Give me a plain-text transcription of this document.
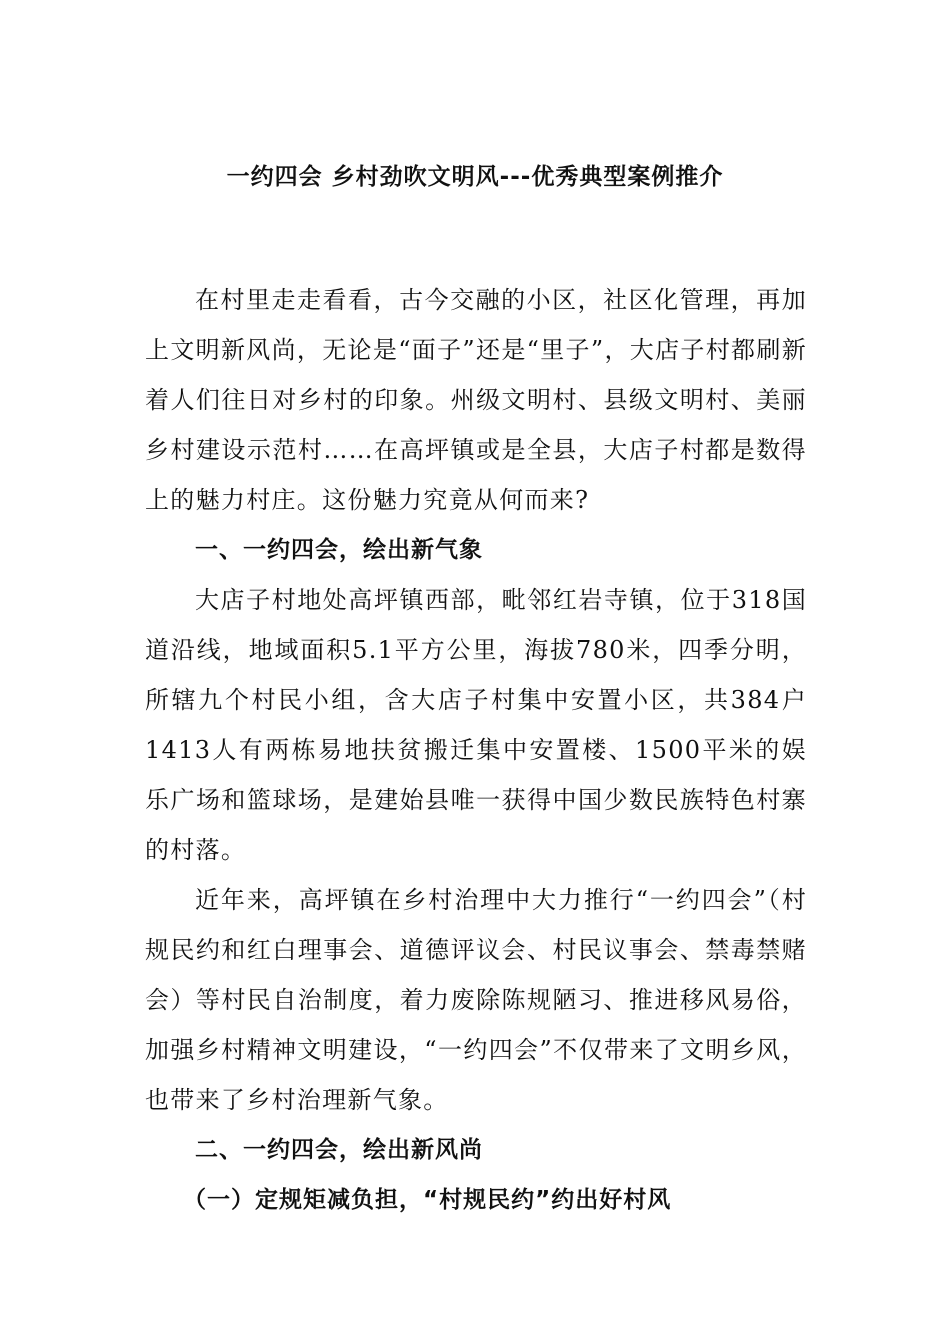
一约四会 乡村劲吹文明风---优秀典型案例推介

在村里走走看看，古今交融的小区，社区化管理，再加上文明新风尚，无论是“面子”还是“里子”，大店子村都刷新着人们往日对乡村的印象。州级文明村、县级文明村、美丽乡村建设示范村……在高坪镇或是全县，大店子村都是数得上的魅力村庄。这份魅力究竟从何而来?

一、一约四会，绘出新气象

大店子村地处高坪镇西部，毗邻红岩寺镇，位于318国道沿线，地域面积5.1平方公里，海拔780米，四季分明，所辖九个村民小组，含大店子村集中安置小区，共384户1413人有两栋易地扶贫搬迁集中安置楼、1500平米的娱乐广场和篮球场，是建始县唯一获得中国少数民族特色村寨的村落。

近年来，高坪镇在乡村治理中大力推行“一约四会”（村规民约和红白理事会、道德评议会、村民议事会、禁毒禁赌会）等村民自治制度，着力废除陈规陋习、推进移风易俗，加强乡村精神文明建设，“一约四会”不仅带来了文明乡风，也带来了乡村治理新气象。

二、一约四会，绘出新风尚

（一）定规矩减负担，“村规民约”约出好村风
